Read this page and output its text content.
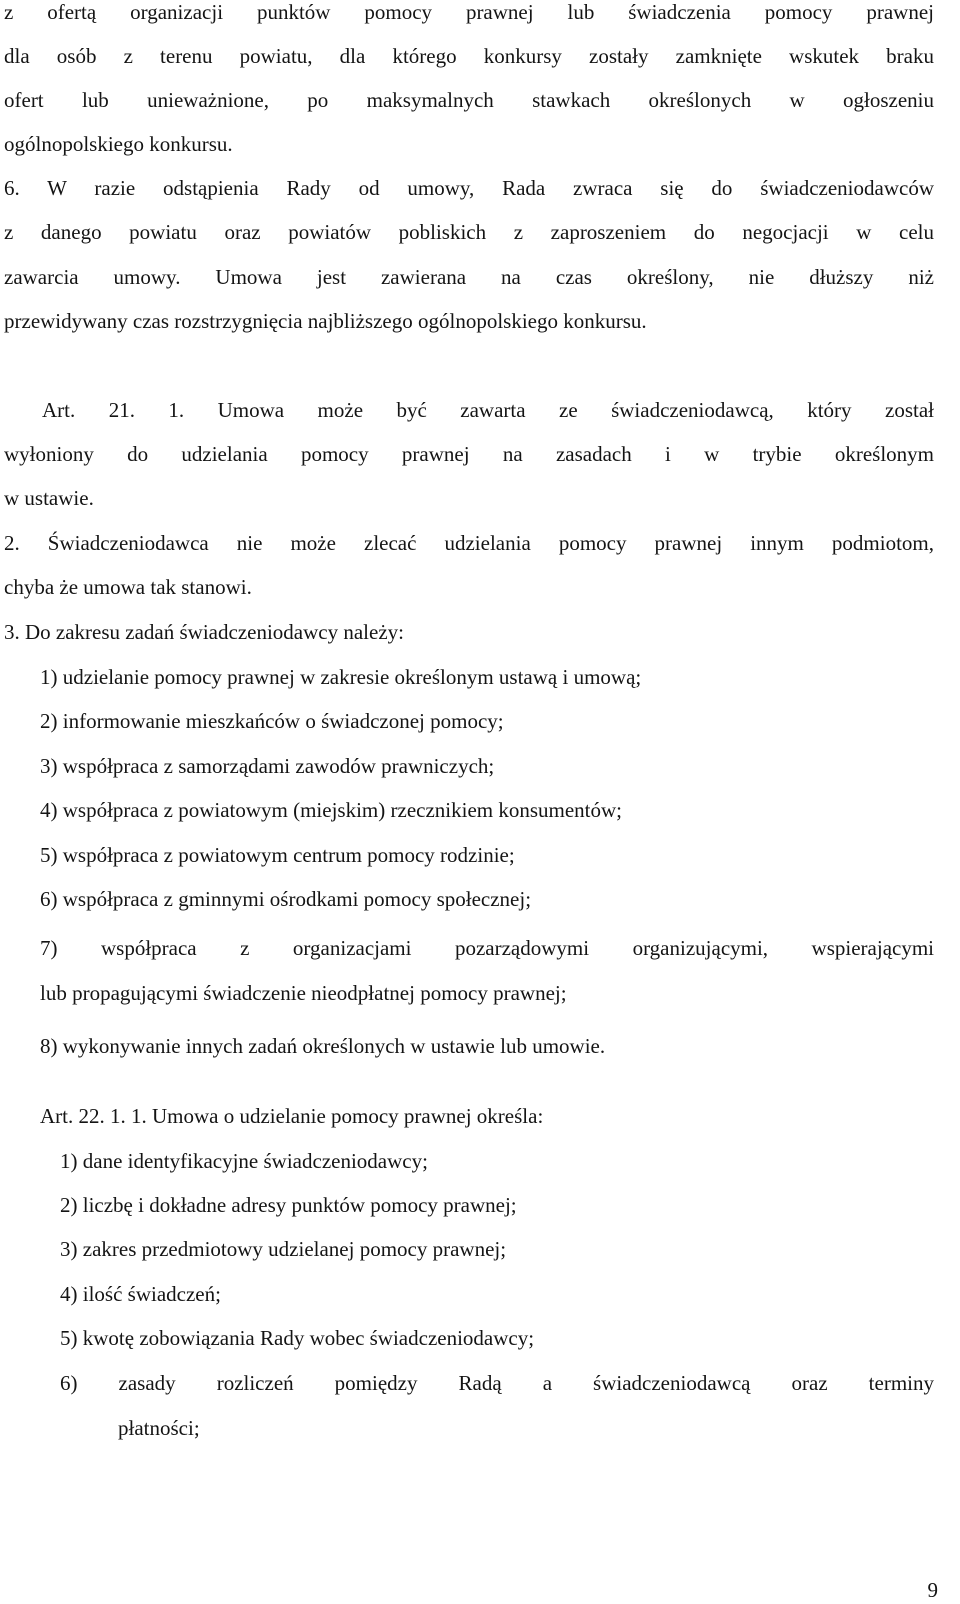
z ofertą organizacji punktów pomocy prawnej lub świadczenia pomocy prawnej
dla osób z terenu powiatu, dla którego konkursy zostały zamknięte wskutek braku
ofert lub unieważnione, po maksymalnych stawkach określonych w ogłoszeniu
ogólnopolskiego konkursu.
6. W razie odstąpienia Rady od umowy, Rada zwraca się do świadczeniodawców
z danego powiatu oraz powiatów pobliskich z zaproszeniem do negocjacji w celu
zawarcia umowy. Umowa jest zawierana na czas określony, nie dłuższy niż
przewidywany czas rozstrzygnięcia najbliższego ogólnopolskiego konkursu.
Art. 21. 1. Umowa może być zawarta ze świadczeniodawcą, który został
wyłoniony do udzielania pomocy prawnej na zasadach i w trybie określonym
w ustawie.
2. Świadczeniodawca nie może zlecać udzielania pomocy prawnej innym podmiotom,
chyba że umowa tak stanowi.
3. Do zakresu zadań świadczeniodawcy należy:
1) udzielanie pomocy prawnej w zakresie określonym ustawą i umową;
2) informowanie mieszkańców o świadczonej pomocy;
3) współpraca z samorządami zawodów prawniczych;
4) współpraca z powiatowym (miejskim) rzecznikiem konsumentów;
5) współpraca z powiatowym centrum pomocy rodzinie;
6) współpraca z gminnymi ośrodkami pomocy społecznej;
7) współpraca z organizacjami pozarządowymi organizującymi, wspierającymi
lub propagującymi świadczenie nieodpłatnej pomocy prawnej;
8) wykonywanie innych zadań określonych w ustawie lub umowie.
Art. 22. 1. 1. Umowa o udzielanie pomocy prawnej określa:
1) dane identyfikacyjne świadczeniodawcy;
2) liczbę i dokładne adresy punktów pomocy prawnej;
3) zakres przedmiotowy udzielanej pomocy prawnej;
4) ilość świadczeń;
5) kwotę zobowiązania Rady wobec świadczeniodawcy;
6) zasady rozliczeń pomiędzy Radą a świadczeniodawcą oraz terminy
płatności;
9
